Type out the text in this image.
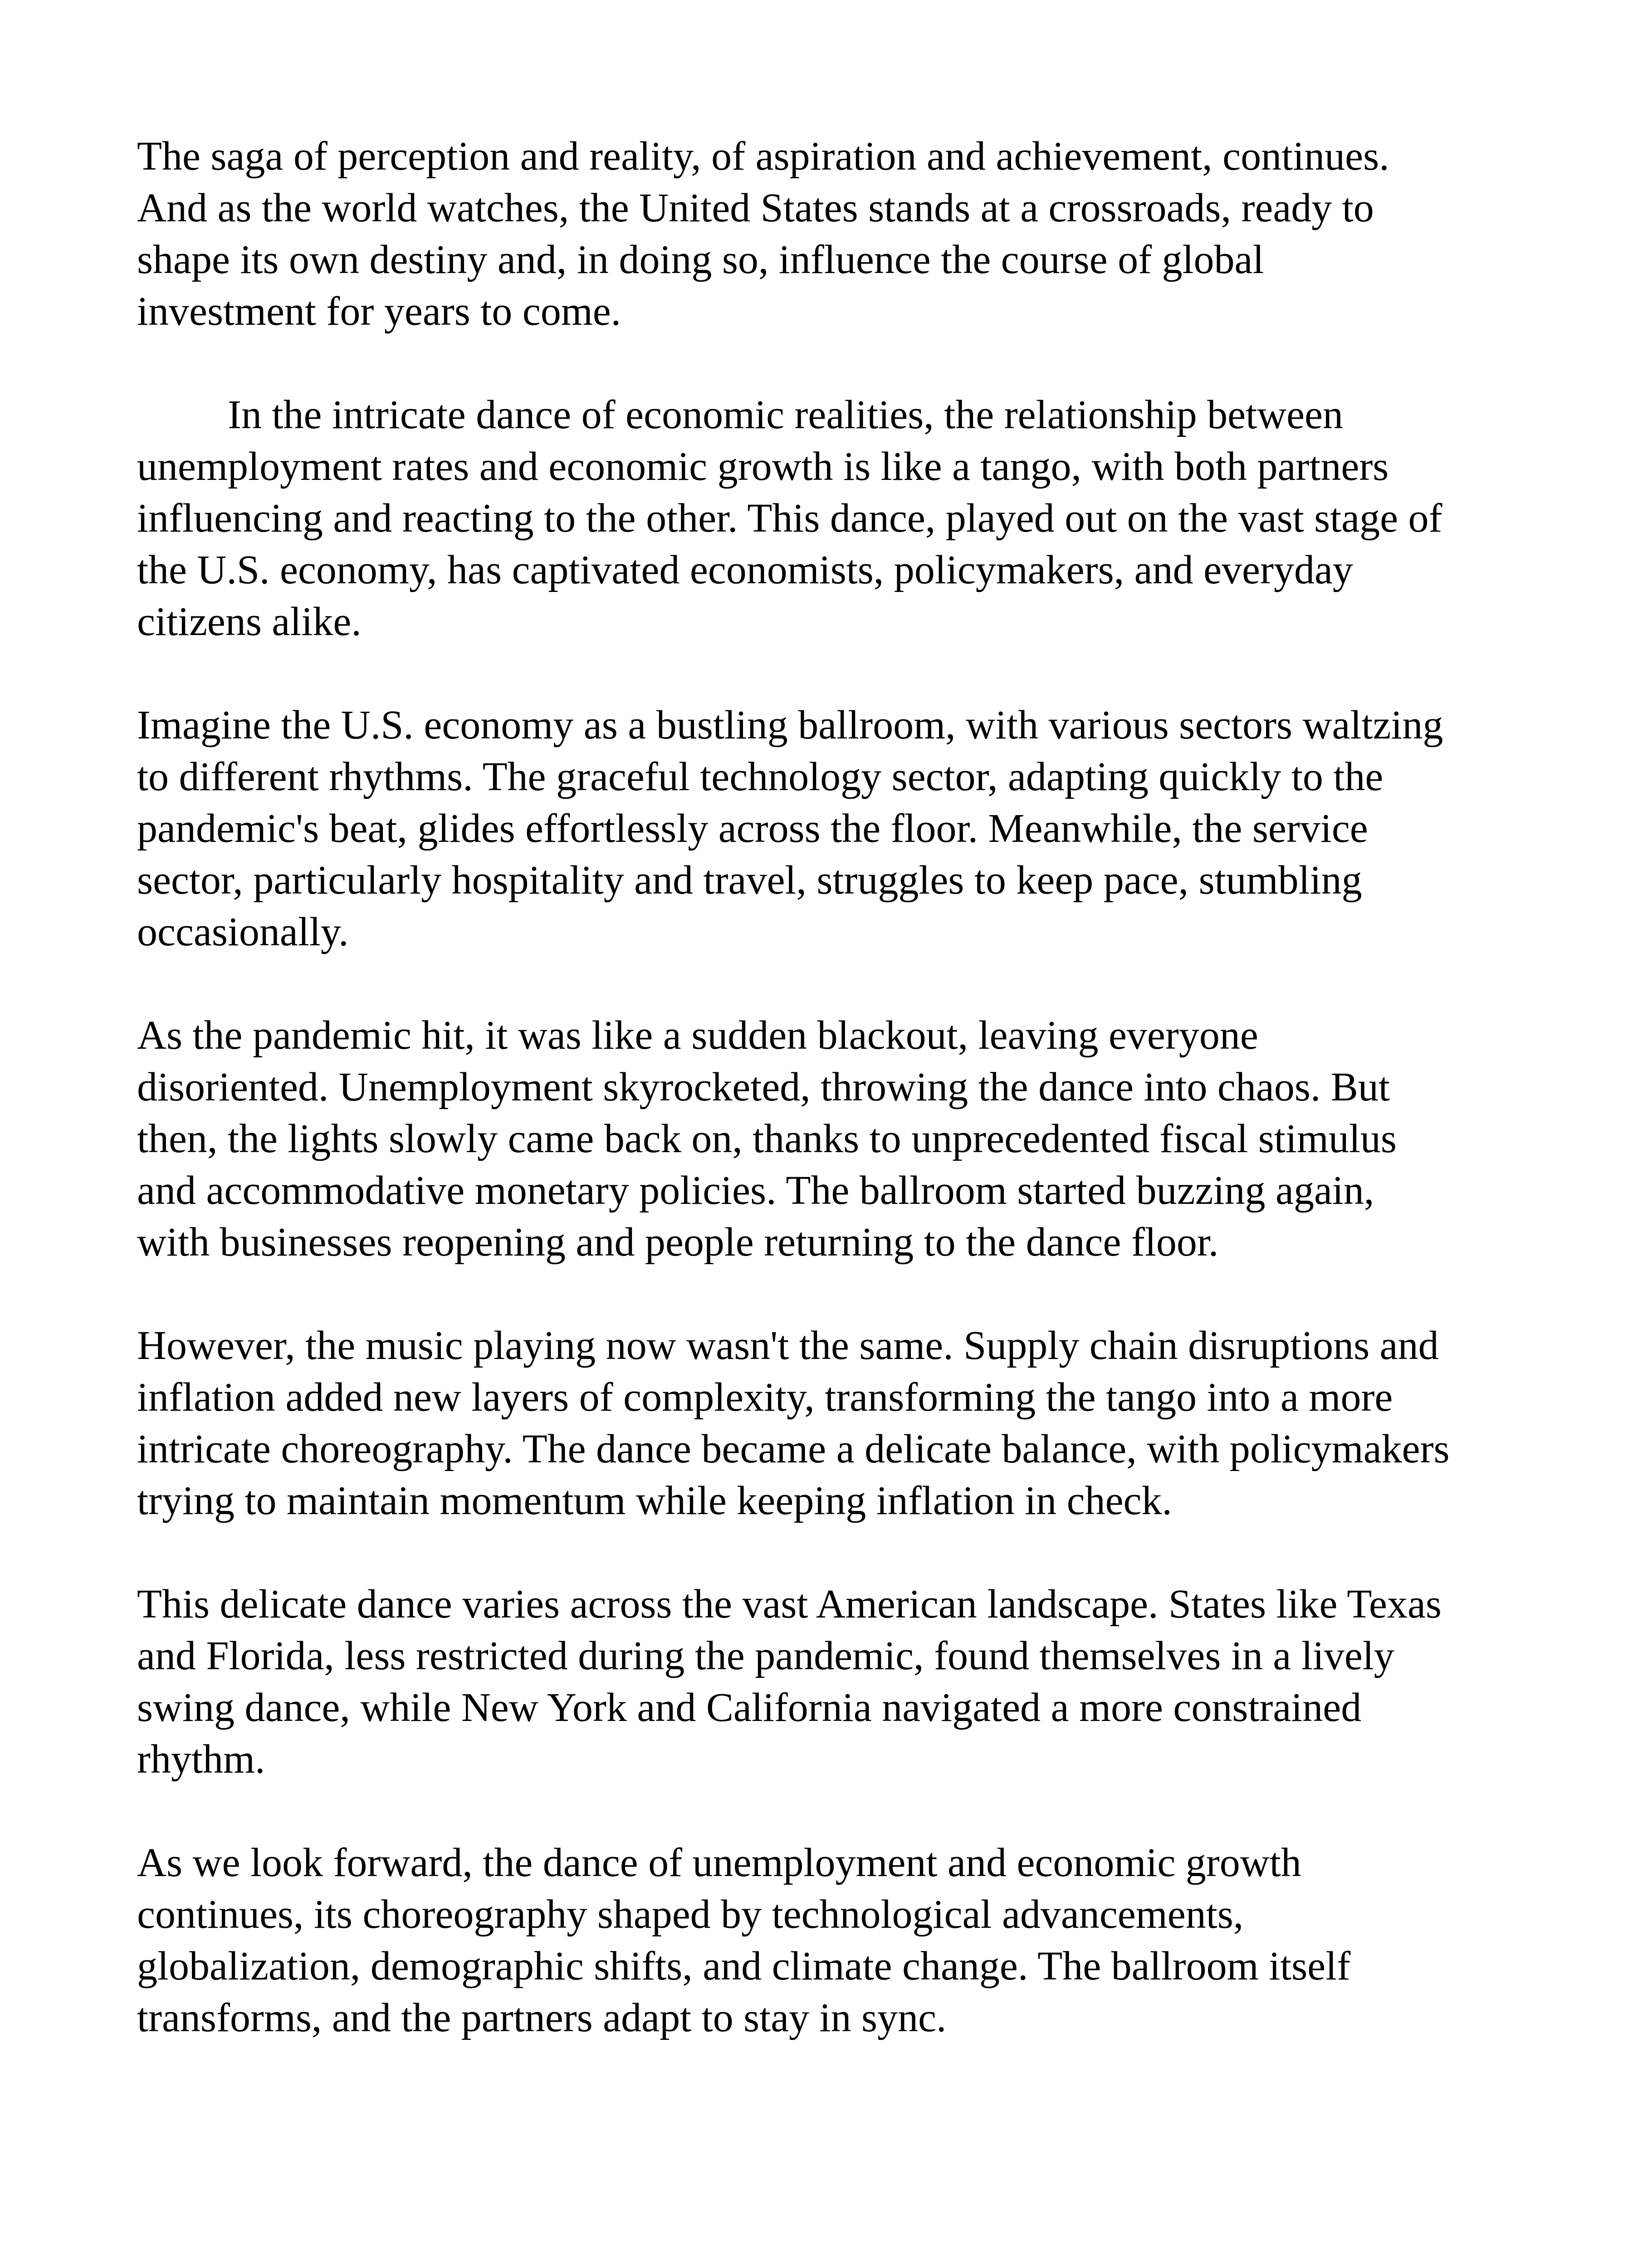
The saga of perception and reality, of aspiration and achievement, continues. And as the world watches, the United States stands at a crossroads, ready to shape its own destiny and, in doing so, influence the course of global investment for years to come.

In the intricate dance of economic realities, the relationship between unemployment rates and economic growth is like a tango, with both partners influencing and reacting to the other. This dance, played out on the vast stage of the U.S. economy, has captivated economists, policymakers, and everyday citizens alike.

Imagine the U.S. economy as a bustling ballroom, with various sectors waltzing to different rhythms. The graceful technology sector, adapting quickly to the pandemic's beat, glides effortlessly across the floor. Meanwhile, the service sector, particularly hospitality and travel, struggles to keep pace, stumbling occasionally.

As the pandemic hit, it was like a sudden blackout, leaving everyone disoriented. Unemployment skyrocketed, throwing the dance into chaos. But then, the lights slowly came back on, thanks to unprecedented fiscal stimulus and accommodative monetary policies. The ballroom started buzzing again, with businesses reopening and people returning to the dance floor.

However, the music playing now wasn't the same. Supply chain disruptions and inflation added new layers of complexity, transforming the tango into a more intricate choreography. The dance became a delicate balance, with policymakers trying to maintain momentum while keeping inflation in check.

This delicate dance varies across the vast American landscape. States like Texas and Florida, less restricted during the pandemic, found themselves in a lively swing dance, while New York and California navigated a more constrained rhythm.

As we look forward, the dance of unemployment and economic growth continues, its choreography shaped by technological advancements, globalization, demographic shifts, and climate change. The ballroom itself transforms, and the partners adapt to stay in sync.
